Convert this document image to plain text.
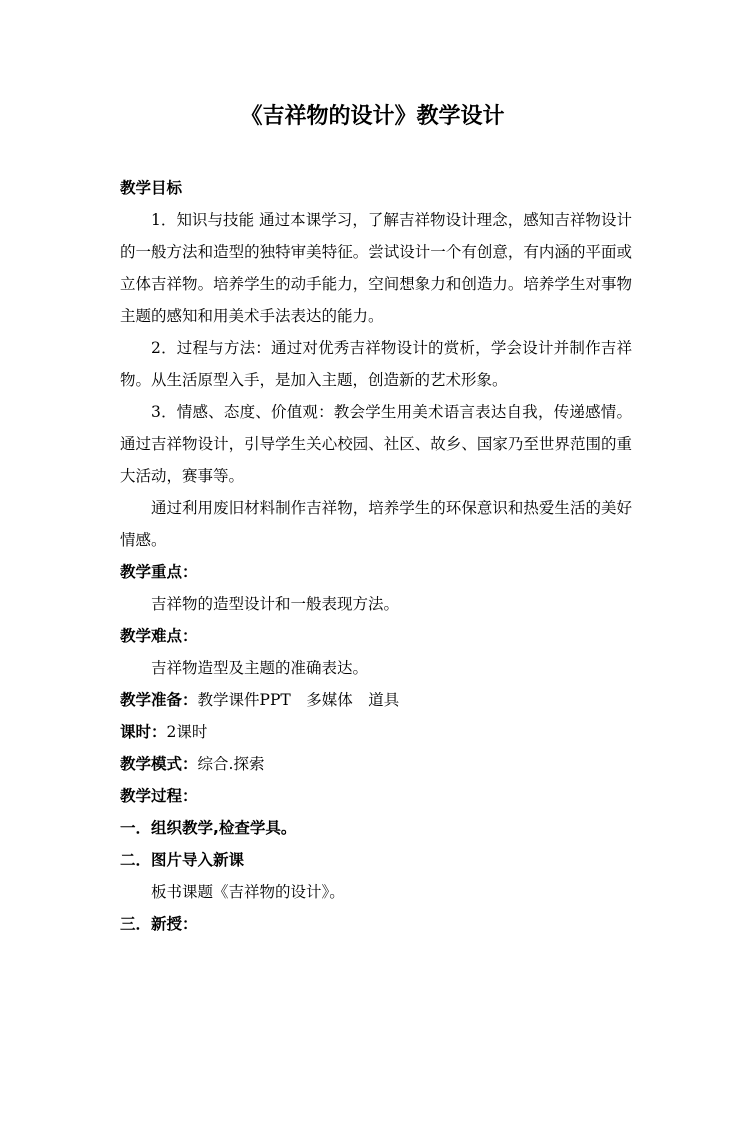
《吉祥物的设计》教学设计
教学目标

1．知识与技能 通过本课学习，了解吉祥物设计理念，感知吉祥物设计的一般方法和造型的独特审美特征。尝试设计一个有创意，有内涵的平面或立体吉祥物。培养学生的动手能力，空间想象力和创造力。培养学生对事物主题的感知和用美术手法表达的能力。

2．过程与方法：通过对优秀吉祥物设计的赏析，学会设计并制作吉祥物。从生活原型入手，是加入主题，创造新的艺术形象。

3．情感、态度、价值观：教会学生用美术语言表达自我，传递感情。通过吉祥物设计，引导学生关心校园、社区、故乡、国家乃至世界范围的重大活动，赛事等。

通过利用废旧材料制作吉祥物，培养学生的环保意识和热爱生活的美好情感。

教学重点：
吉祥物的造型设计和一般表现方法。
教学难点：
吉祥物造型及主题的准确表达。
教学准备：教学课件PPT　多媒体　道具
课时：2课时
教学模式：综合.探索
教学过程：
一．组织教学,检查学具。
二．图片导入新课
板书课题《吉祥物的设计》。
三．新授：
